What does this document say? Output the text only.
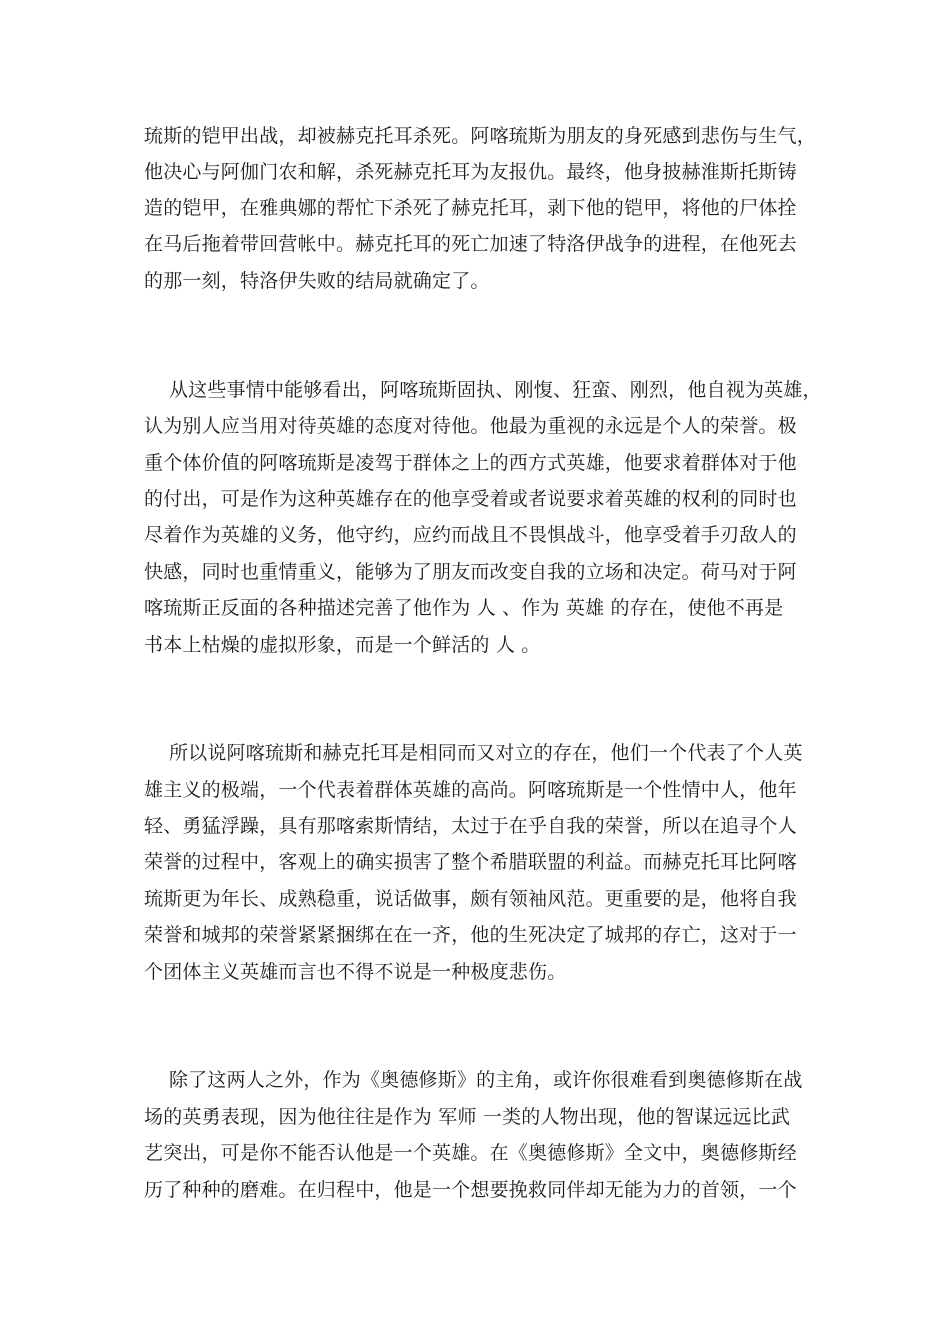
琉斯的铠甲出战，却被赫克托耳杀死。阿喀琉斯为朋友的身死感到悲伤与生气，
他决心与阿伽门农和解，杀死赫克托耳为友报仇。最终，他身披赫淮斯托斯铸
造的铠甲，在雅典娜的帮忙下杀死了赫克托耳，剥下他的铠甲，将他的尸体拴
在马后拖着带回营帐中。赫克托耳的死亡加速了特洛伊战争的进程，在他死去
的那一刻，特洛伊失败的结局就确定了。
从这些事情中能够看出，阿喀琉斯固执、刚愎、狂蛮、刚烈，他自视为英雄，
认为别人应当用对待英雄的态度对待他。他最为重视的永远是个人的荣誉。极
重个体价值的阿喀琉斯是凌驾于群体之上的西方式英雄，他要求着群体对于他
的付出，可是作为这种英雄存在的他享受着或者说要求着英雄的权利的同时也
尽着作为英雄的义务，他守约，应约而战且不畏惧战斗，他享受着手刃敌人的
快感，同时也重情重义，能够为了朋友而改变自我的立场和决定。荷马对于阿
喀琉斯正反面的各种描述完善了他作为 人 、作为 英雄 的存在，使他不再是
书本上枯燥的虚拟形象，而是一个鲜活的 人 。
所以说阿喀琉斯和赫克托耳是相同而又对立的存在，他们一个代表了个人英
雄主义的极端，一个代表着群体英雄的高尚。阿喀琉斯是一个性情中人，他年
轻、勇猛浮躁，具有那喀索斯情结，太过于在乎自我的荣誉，所以在追寻个人
荣誉的过程中，客观上的确实损害了整个希腊联盟的利益。而赫克托耳比阿喀
琉斯更为年长、成熟稳重，说话做事，颇有领袖风范。更重要的是，他将自我
荣誉和城邦的荣誉紧紧捆绑在在一齐，他的生死决定了城邦的存亡，这对于一
个团体主义英雄而言也不得不说是一种极度悲伤。
除了这两人之外，作为《奥德修斯》的主角，或许你很难看到奥德修斯在战
场的英勇表现，因为他往往是作为 军师 一类的人物出现，他的智谋远远比武
艺突出，可是你不能否认他是一个英雄。在《奥德修斯》全文中，奥德修斯经
历了种种的磨难。在归程中，他是一个想要挽救同伴却无能为力的首领，一个
